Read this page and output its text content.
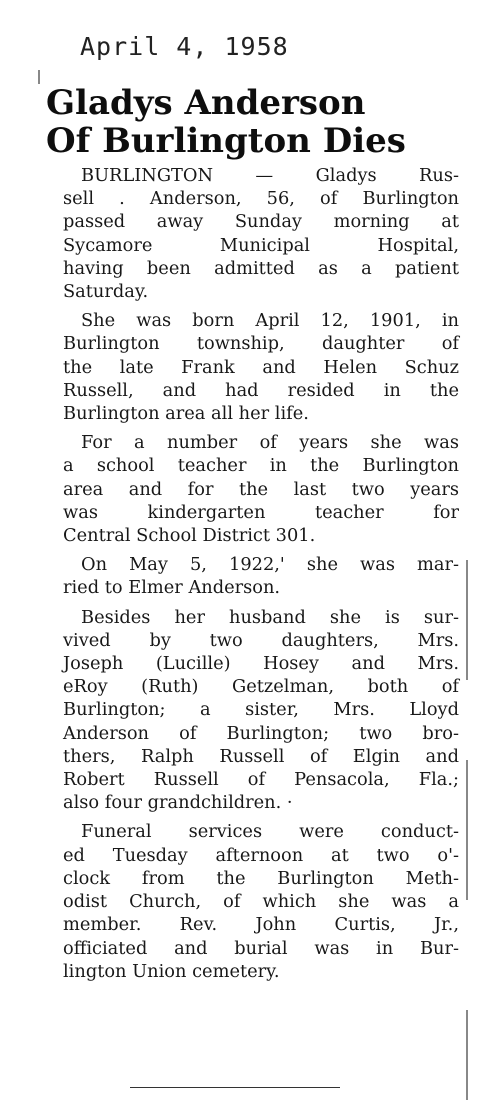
April 4, 1958
Gladys Anderson
Of Burlington Dies

BURLINGTON — Gladys Rus-
sell . Anderson, 56, of Burlington
passed away Sunday morning at
Sycamore Municipal Hospital,
having been admitted as a patient
Saturday.

She was born April 12, 1901, in
Burlington township, daughter of
the late Frank and Helen Schuz
Russell, and had resided in the
Burlington area all her life.

For a number of years she was
a school teacher in the Burlington
area and for the last two years
was kindergarten teacher for
Central School District 301.

On May 5, 1922,' she was mar-
ried to Elmer Anderson.

Besides her husband she is sur-
vived by two daughters, Mrs.
Joseph (Lucille) Hosey and Mrs.
eRoy (Ruth) Getzelman, both of
Burlington; a sister, Mrs. Lloyd
Anderson of Burlington; two bro-
thers, Ralph Russell of Elgin and
Robert Russell of Pensacola, Fla.;
also four grandchildren. ·

Funeral services were conduct-
ed Tuesday afternoon at two o'-
clock from the Burlington Meth-
odist Church, of which she was a
member. Rev. John Curtis, Jr.,
officiated and burial was in Bur-
lington Union cemetery.
